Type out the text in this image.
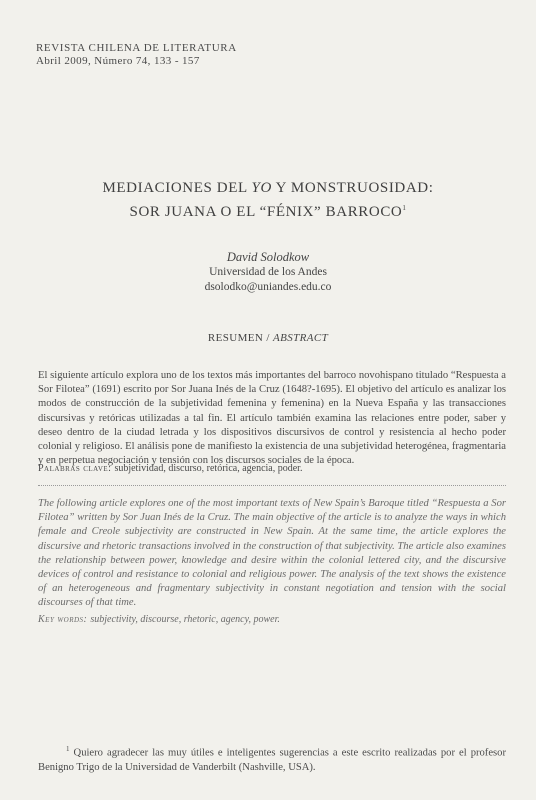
REVISTA CHILENA DE LITERATURA
Abril 2009, Número 74, 133 - 157
MEDIACIONES DEL YO Y MONSTRUOSIDAD:
SOR JUANA O EL “FÉNIX” BARROCO$^1$
David Solodkow
Universidad de los Andes
dsolodko@uniandes.edu.co
RESUMEN / ABSTRACT
El siguiente artículo explora uno de los textos más importantes del barroco novohispano titulado “Respuesta a Sor Filotea” (1691) escrito por Sor Juana Inés de la Cruz (1648?-1695). El objetivo del artículo es analizar los modos de construcción de la subjetividad femenina y femenina) en la Nueva España y las transacciones discursivas y retóricas utilizadas a tal fin. El artículo también examina las relaciones entre poder, saber y deseo dentro de la ciudad letrada y los dispositivos discursivos de control y resistencia al hecho poder colonial y religioso. El análisis pone de manifiesto la existencia de una subjetividad heterogénea, fragmentaria y en perpetua negociación y tensión con los discursos sociales de la época.
Palabras clave: subjetividad, discurso, retórica, agencia, poder.
The following article explores one of the most important texts of New Spain’s Baroque titled “Respuesta a Sor Filotea” written by Sor Juan Inés de la Cruz. The main objective of the article is to analyze the ways in which female and Creole subjectivity are constructed in New Spain. At the same time, the article explores the discursive and rhetoric transactions involved in the construction of that subjectivity. The article also examines the relationship between power, knowledge and desire within the colonial lettered city, and the discursive devices of control and resistance to colonial and religious power. The analysis of the text shows the existence of an heterogeneous and fragmentary subjectivity in constant negotiation and tension with the social discourses of that time.
Key words: subjectivity, discourse, rhetoric, agency, power.
$^1$ Quiero agradecer las muy útiles e inteligentes sugerencias a este escrito realizadas por el profesor Benigno Trigo de la Universidad de Vanderbilt (Nashville, USA).
